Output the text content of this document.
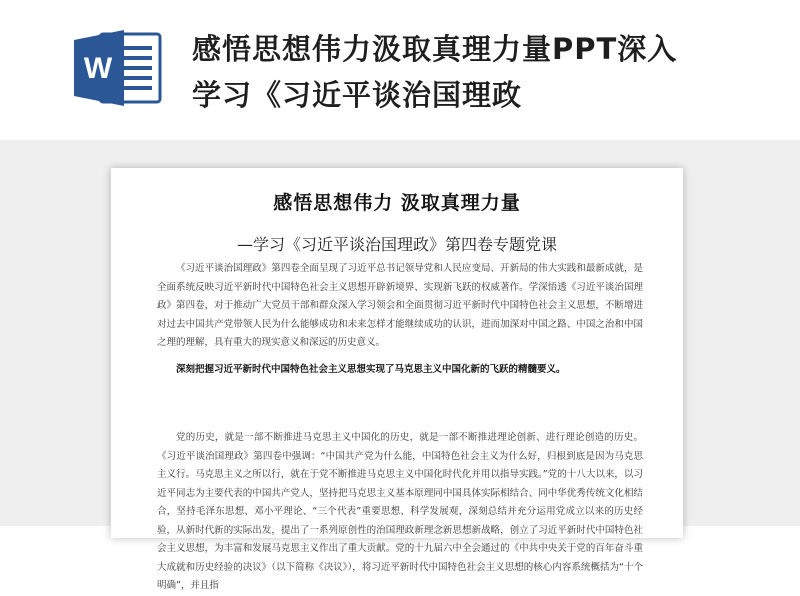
W
感悟思想伟力汲取真理力量PPT深入学习《习近平谈治国理政
感悟思想伟力 汲取真理力量

—学习《习近平谈治国理政》第四卷专题党课

《习近平谈治国理政》第四卷全面呈现了习近平总书记领导党和人民应变局、开新局的伟大实践和最新成就，是全面系统反映习近平新时代中国特色社会主义思想开辟新境界、实现新飞跃的权威著作。学深悟透《习近平谈治国理政》第四卷，对于推动广大党员干部和群众深入学习领会和全面贯彻习近平新时代中国特色社会主义思想，不断增进对过去中国共产党带领人民为什么能够成功和未来怎样才能继续成功的认识，进而加深对中国之路、中国之治和中国之理的理解，具有重大的现实意义和深远的历史意义。

深刻把握习近平新时代中国特色社会主义思想实现了马克思主义中国化新的飞跃的精髓要义。

党的历史，就是一部不断推进马克思主义中国化的历史，就是一部不断推进理论创新、进行理论创造的历史。《习近平谈治国理政》第四卷中强调：“中国共产党为什么能，中国特色社会主义为什么好，归根到底是因为马克思主义行。马克思主义之所以行，就在于党不断推进马克思主义中国化时代化并用以指导实践。”党的十八大以来，以习近平同志为主要代表的中国共产党人，坚持把马克思主义基本原理同中国具体实际相结合、同中华优秀传统文化相结合，坚持毛泽东思想、邓小平理论、“三个代表”重要思想、科学发展观，深刻总结并充分运用党成立以来的历史经验，从新时代新的实际出发，提出了一系列原创性的治国理政新理念新思想新战略，创立了习近平新时代中国特色社会主义思想，为丰富和发展马克思主义作出了重大贡献。党的十九届六中全会通过的《中共中央关于党的百年奋斗重大成就和历史经验的决议》（以下简称《决议》），将习近平新时代中国特色社会主义思想的核心内容系统概括为“十个明确”，并且指
